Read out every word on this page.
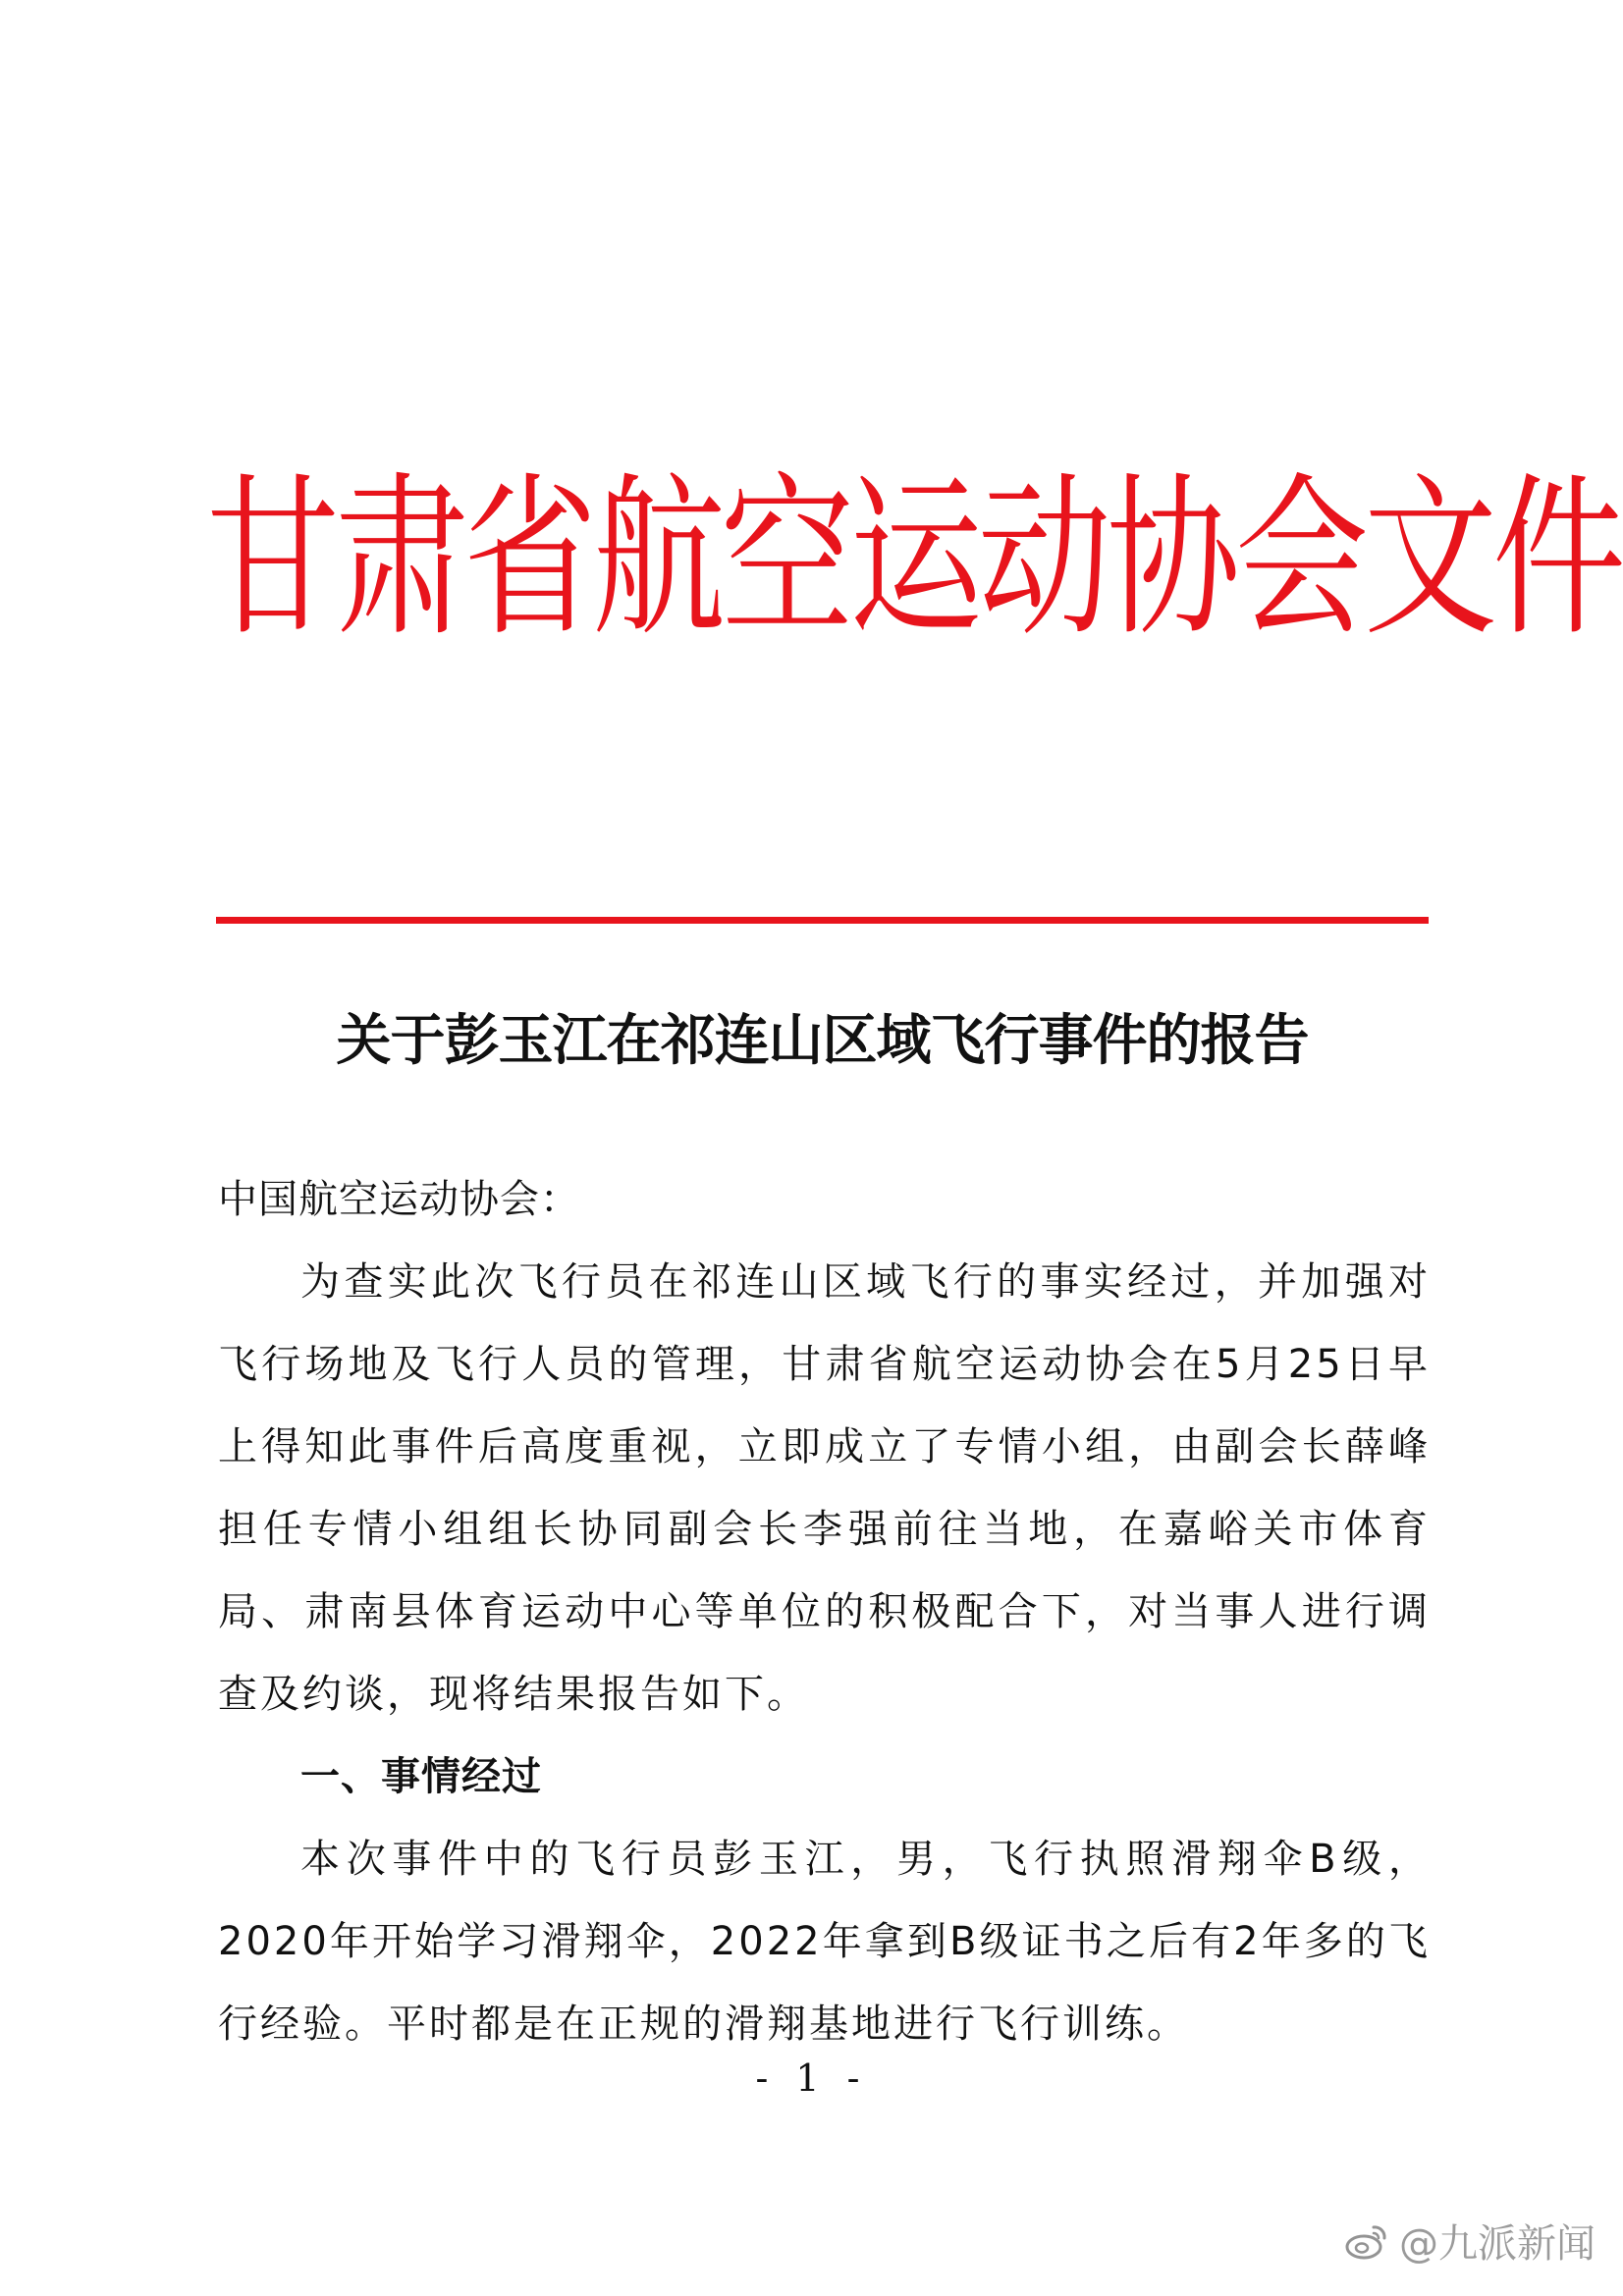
甘肃省航空运动协会文件
关于彭玉江在祁连山区域飞行事件的报告

中国航空运动协会：

为查实此次飞行员在祁连山区域飞行的事实经过，并加强对飞行场地及飞行人员的管理，甘肃省航空运动协会在5月25日早上得知此事件后高度重视，立即成立了专情小组，由副会长薛峰担任专情小组组长协同副会长李强前往当地，在嘉峪关市体育局、肃南县体育运动中心等单位的积极配合下，对当事人进行调查及约谈，现将结果报告如下。

一、事情经过

本次事件中的飞行员彭玉江，男，飞行执照滑翔伞B级，2020年开始学习滑翔伞，2022年拿到B级证书之后有2年多的飞行经验。平时都是在正规的滑翔基地进行飞行训练。

- 1 -
@九派新闻
